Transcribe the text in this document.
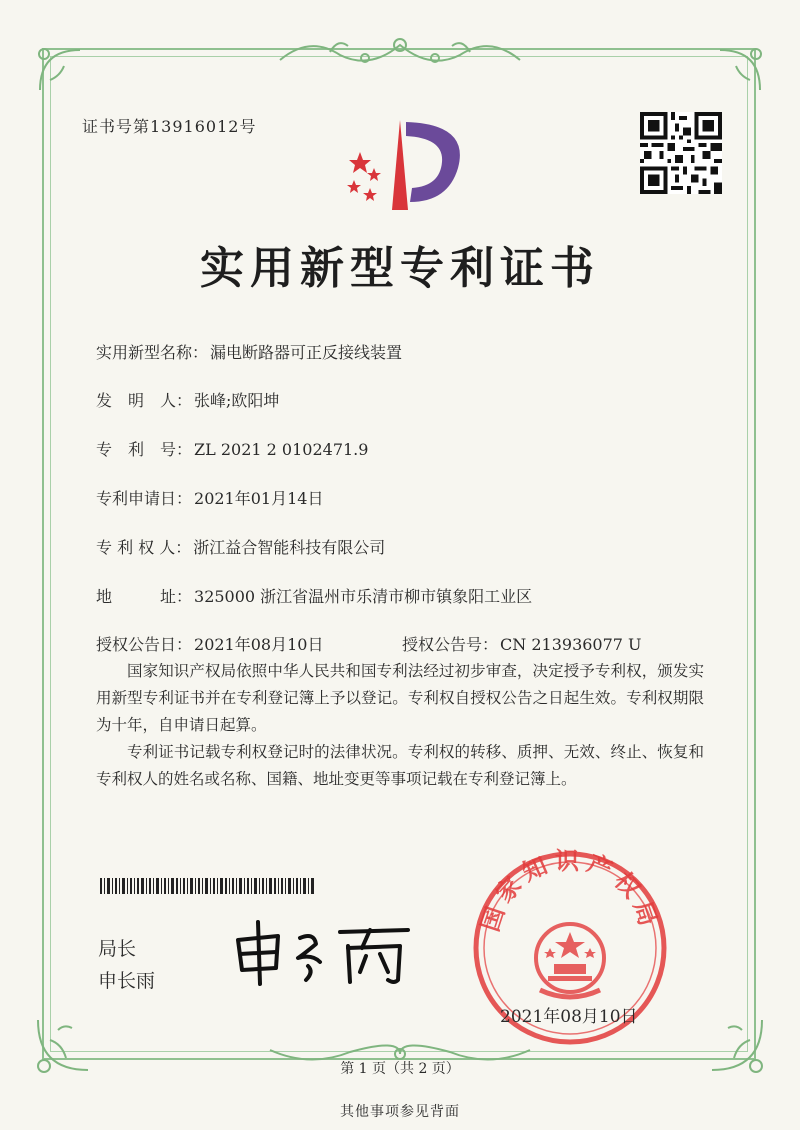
证书号第13916012号
实用新型专利证书
实用新型名称： 漏电断路器可正反接线装置
发　明　人： 张峰;欧阳坤
专　利　号： ZL 2021 2 0102471.9
专利申请日： 2021年01月14日
专 利 权 人： 浙江益合智能科技有限公司
地　　　址： 325000 浙江省温州市乐清市柳市镇象阳工业区
授权公告日： 2021年08月10日	授权公告号： CN 213936077 U
国家知识产权局依照中华人民共和国专利法经过初步审查，决定授予专利权，颁发实用新型专利证书并在专利登记簿上予以登记。专利权自授权公告之日起生效。专利权期限为十年，自申请日起算。
专利证书记载专利权登记时的法律状况。专利权的转移、质押、无效、终止、恢复和专利权人的姓名或名称、国籍、地址变更等事项记载在专利登记簿上。
局长
申长雨
国家知识产权局
2021年08月10日
第 1 页（共 2 页）
其他事项参见背面
